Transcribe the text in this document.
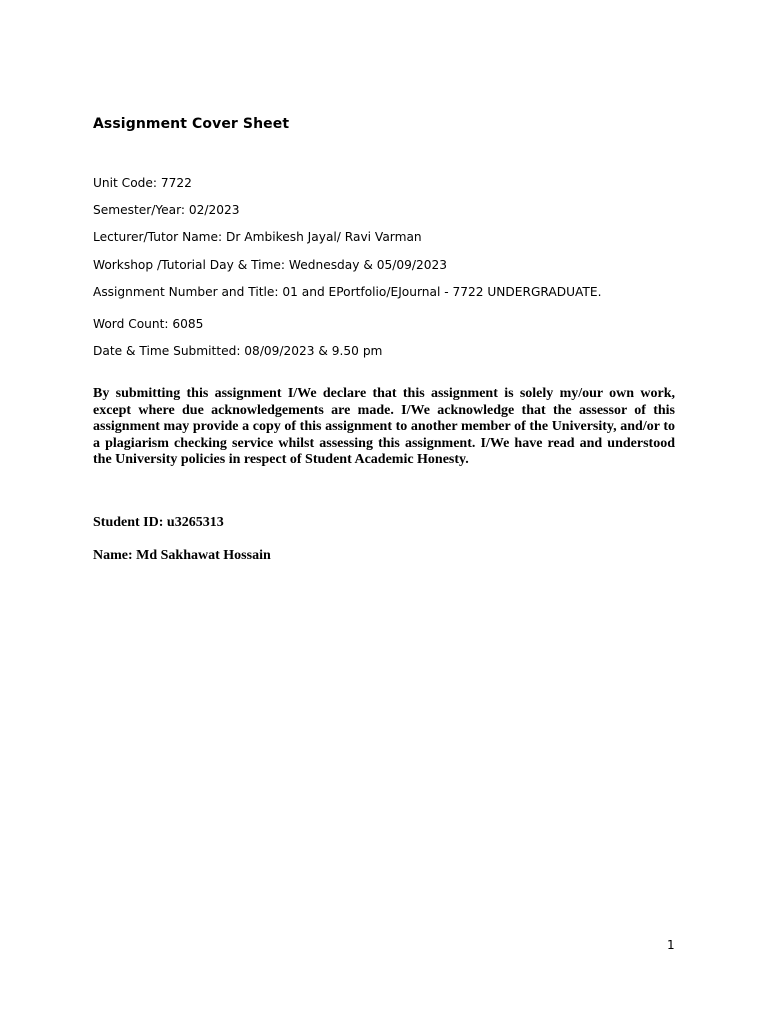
Assignment Cover Sheet
Unit Code: 7722
Semester/Year: 02/2023
Lecturer/Tutor Name: Dr Ambikesh Jayal/ Ravi Varman
Workshop /Tutorial Day & Time: Wednesday & 05/09/2023
Assignment Number and Title: 01 and EPortfolio/EJournal - 7722 UNDERGRADUATE.
Word Count: 6085
Date & Time Submitted: 08/09/2023 & 9.50 pm
By submitting this assignment I/We declare that this assignment is solely my/our own work, except where due acknowledgements are made. I/We acknowledge that the assessor of this assignment may provide a copy of this assignment to another member of the University, and/or to a plagiarism checking service whilst assessing this assignment. I/We have read and understood the University policies in respect of Student Academic Honesty.
Student ID: u3265313
Name: Md Sakhawat Hossain
1
